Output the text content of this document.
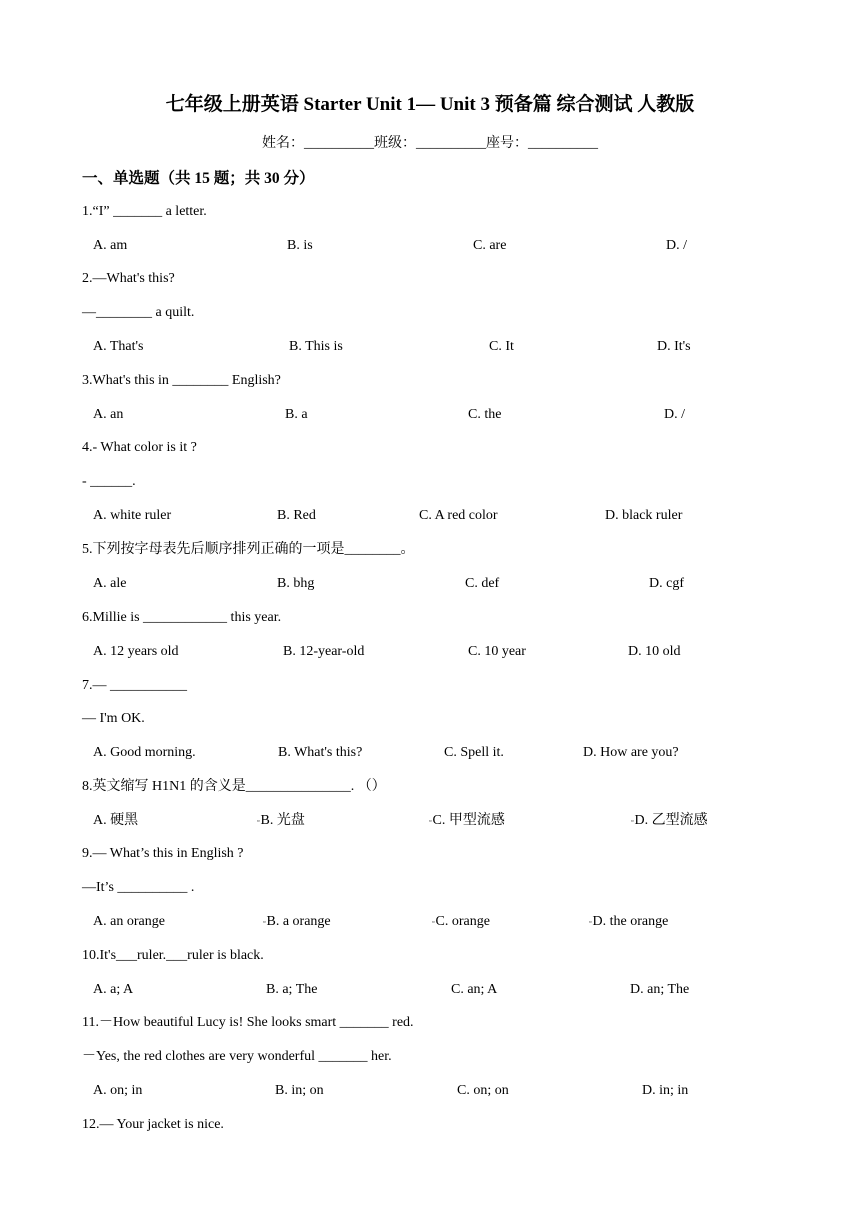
七年级上册英语 Starter Unit 1— Unit 3 预备篇 综合测试 人教版
姓名：__________班级：__________座号：__________
一、单选题（共 15 题；共 30 分）
1.“I” _______ a letter.
A. am	B. is	C. are	D. /
2.—What's this?
—________ a quilt.
A. That's	B. This is	C. It	D. It's
3.What's this in ________ English?
A. an	B. a	C. the	D. /
4.- What color is it ?
- ______.
A. white ruler	B. Red	C. A red color	D. black ruler
5.下列按字母表先后顺序排列正确的一项是________。
A. ale	B. bhg	C. def	D. cgf
6.Millie is ____________ this year.
A. 12 years old	B. 12-year-old	C. 10 year	D. 10 old
7.— ___________
— I'm OK.
A. Good morning.	B. What's this?	C. Spell it.	D. How are you?
8.英文缩写 H1N1 的含义是_______________. （）
A. 硬黑	▫B. 光盘	▫C. 甲型流感	▫D. 乙型流感
9.— What’s this in English ?
—It’s __________ .
A. an orange	▫B. a orange	▫C. orange	▫D. the orange
10.It's___ruler.___ruler is black.
A. a; A	B. a; The	C. an; A	D. an; The
11.－How beautiful Lucy is! She looks smart _______ red.
－Yes, the red clothes are very wonderful _______ her.
A. on; in	B. in; on	C. on; on	D. in; in
12.— Your jacket is nice.
